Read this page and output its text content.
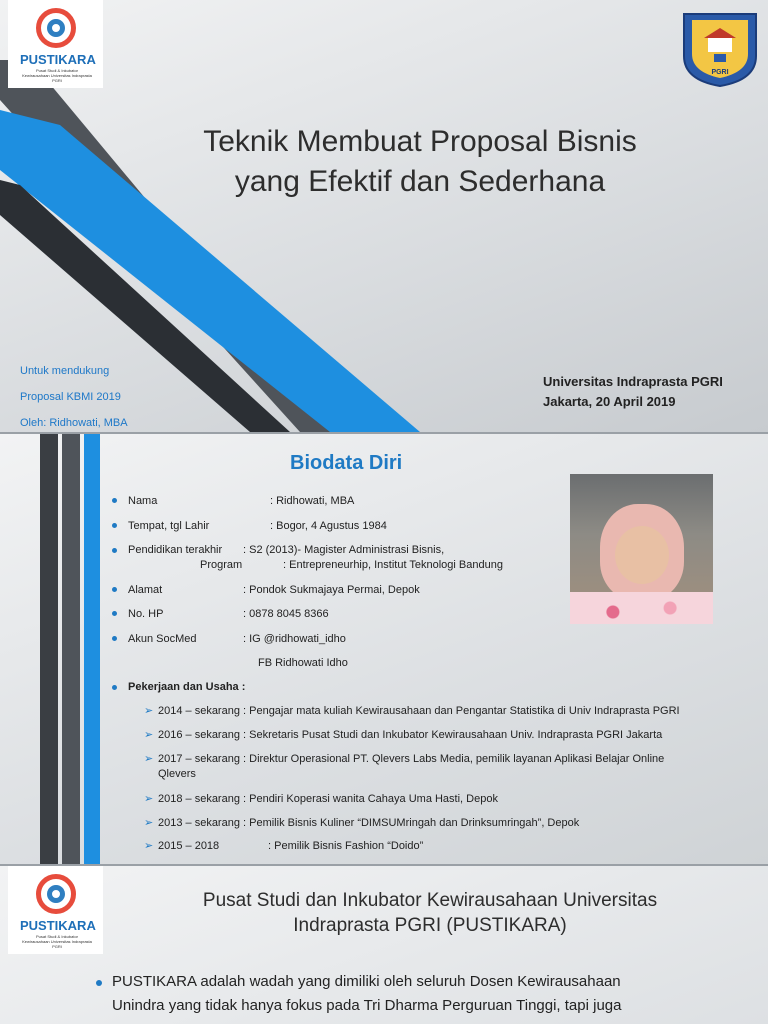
PUSTIKARA
Pusat Studi & Inkubator Kewirausahaan Universitas Indraprasta PGRI
PGRI
Teknik Membuat Proposal Bisnis
yang Efektif dan Sederhana
Untuk mendukung
Proposal KBMI 2019
Oleh: Ridhowati, MBA
Universitas Indraprasta PGRI
Jakarta, 20 April 2019
Biodata Diri
Nama	: Ridhowati, MBA
Tempat, tgl Lahir	: Bogor, 4 Agustus 1984
Pendidikan terakhir : S2 (2013)- Magister Administrasi Bisnis,
Program	: Entrepreneurhip, Institut Teknologi Bandung
Alamat	: Pondok Sukmajaya Permai, Depok
No. HP	: 0878 8045 8366
Akun SocMed	: IG @ridhowati_idho
FB Ridhowati Idho
Pekerjaan dan Usaha :
➢ 2014 – sekarang : Pengajar mata kuliah Kewirausahaan dan Pengantar Statistika di Univ Indraprasta PGRI
➢ 2016 – sekarang : Sekretaris Pusat Studi dan Inkubator Kewirausahaan Univ. Indraprasta PGRI Jakarta
➢ 2017 – sekarang : Direktur Operasional PT. Qlevers Labs Media, pemilik layanan Aplikasi Belajar Online
Qlevers
➢ 2018 – sekarang : Pendiri Koperasi wanita Cahaya Uma Hasti, Depok
➢ 2013 – sekarang : Pemilik Bisnis Kuliner “DIMSUMringah dan Drinksumringah”, Depok
➢ 2015 – 2018	: Pemilik Bisnis Fashion “Doido”
PUSTIKARA
Pusat Studi & Inkubator Kewirausahaan Universitas Indraprasta PGRI
Pusat Studi dan Inkubator Kewirausahaan Universitas
Indraprasta PGRI (PUSTIKARA)
PUSTIKARA adalah wadah yang dimiliki oleh seluruh Dosen Kewirausahaan
Unindra yang tidak hanya fokus pada Tri Dharma Perguruan Tinggi, tapi juga
